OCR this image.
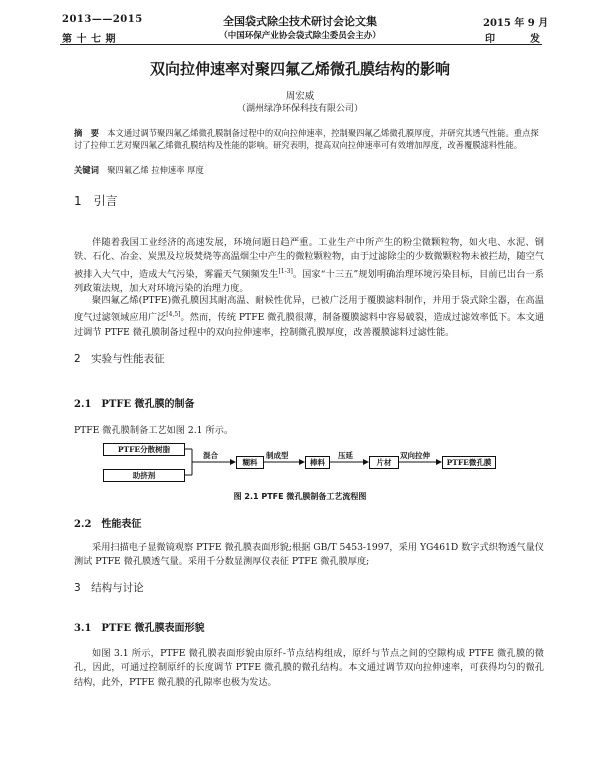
2013——2015
第 十 七 期
全国袋式除尘技术研讨会论文集
（中国环保产业协会袋式除尘委员会主办）
2015 年 9 月
印	发
双向拉伸速率对聚四氟乙烯微孔膜结构的影响
周宏威
（湖州绿净环保科技有限公司）
摘　要　 本文通过调节聚四氟乙烯微孔膜制备过程中的双向拉伸速率，控制聚四氟乙烯微孔膜厚度，并研究其透气性能。重点探讨了拉伸工艺对聚四氟乙烯微孔膜结构及性能的影响。研究表明，提高双向拉伸速率可有效增加厚度，改善覆膜滤料性能。
关键词　 聚四氟乙烯 拉伸速率 厚度
1　引言
伴随着我国工业经济的高速发展，环境问题日趋严重。工业生产中所产生的粉尘微颗粒物，如火电、水泥、钢铁、石化、冶金、炭黑及垃圾焚烧等高温烟尘中产生的微粒颗粒物，由于过滤除尘的少数微颗粒物未被拦劫，随空气被排入大气中，造成大气污染，雾霾天气频频发生[1-3]。国家“十三五”规划明确治理环境污染目标，目前已出台一系列政策法规，加大对环境污染的治理力度。
聚四氟乙烯(PTFE)微孔膜因其耐高温、耐候性优异，已被广泛用于覆膜滤料制作，并用于袋式除尘器，在高温度气过滤领域应用广泛[4,5]。然而，传统 PTFE 微孔膜很薄，制备覆膜滤料中容易破裂，造成过滤效率低下。本文通过调节 PTFE 微孔膜制备过程中的双向拉伸速率，控制微孔膜厚度，改善覆膜滤料过滤性能。
2　实验与性能表征
2.1　PTFE 微孔膜的制备
PTFE 微孔膜制备工艺如图 2.1 所示。
PTFE分散树脂
助挤剂
混合
糊料
制成型
棒料
压延
片材
双向拉伸
PTFE微孔膜
图 2.1 PTFE 微孔膜制备工艺流程图
2.2　性能表征
采用扫描电子显微镜观察 PTFE 微孔膜表面形貌;根据 GB/T 5453-1997，采用 YG461D 数字式织物透气量仪测试 PTFE 微孔膜透气量。采用千分数显测厚仪表征 PTFE 微孔膜厚度;
3　结构与讨论
3.1　PTFE 微孔膜表面形貌
如图 3.1 所示，PTFE 微孔膜表面形貌由原纤-节点结构组成，原纤与节点之间的空隙构成 PTFE 微孔膜的微孔，因此，可通过控制原纤的长度调节 PTFE 微孔膜的微孔结构。本文通过调节双向拉伸速率，可获得均匀的微孔结构，此外，PTFE 微孔膜的孔隙率也极为发达。
